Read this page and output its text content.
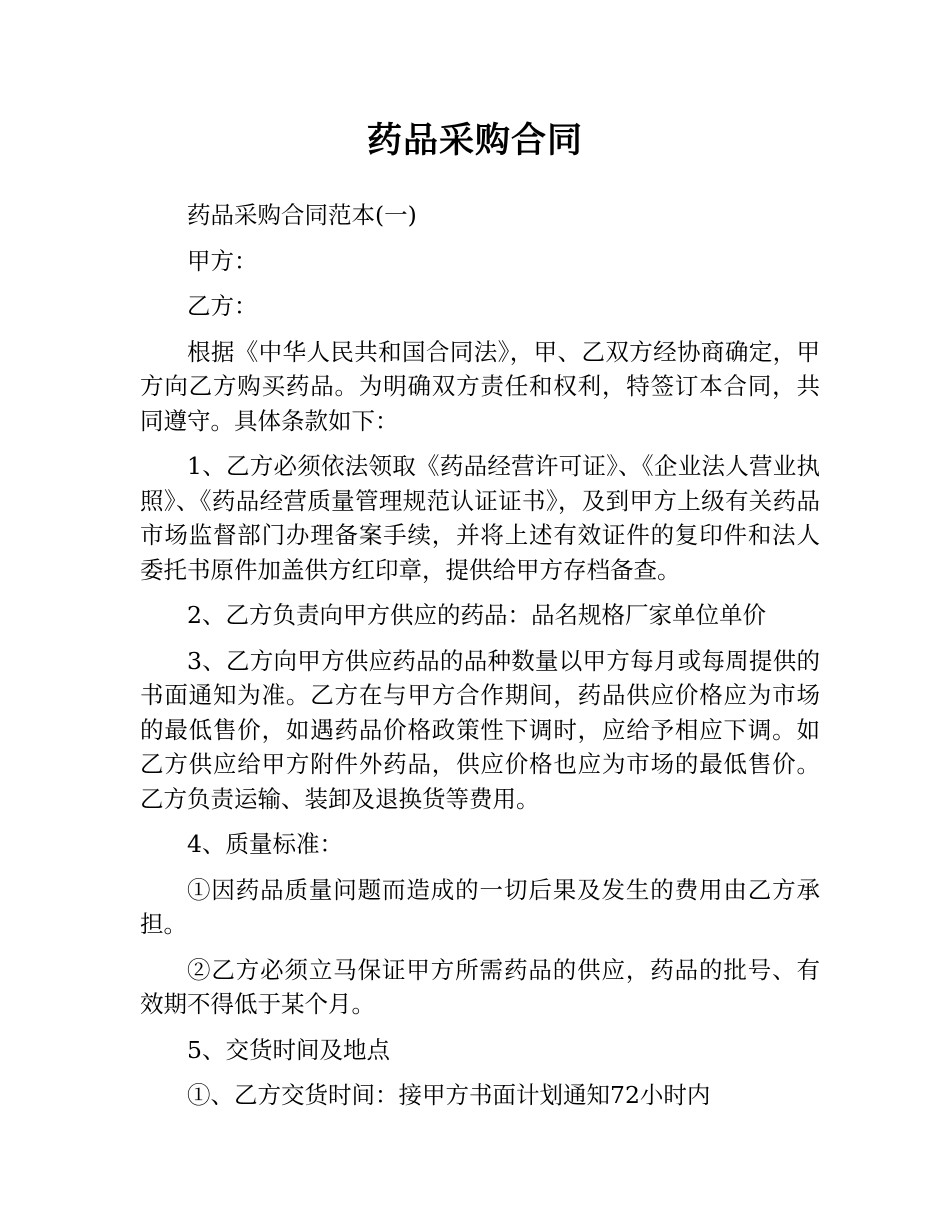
药品采购合同

药品采购合同范本(一)

甲方：

乙方：

根据《中华人民共和国合同法》，甲、乙双方经协商确定，甲方向乙方购买药品。为明确双方责任和权利，特签订本合同，共同遵守。具体条款如下：

1、乙方必须依法领取《药品经营许可证》、《企业法人营业执照》、《药品经营质量管理规范认证证书》，及到甲方上级有关药品市场监督部门办理备案手续，并将上述有效证件的复印件和法人委托书原件加盖供方红印章，提供给甲方存档备查。

2、乙方负责向甲方供应的药品：品名规格厂家单位单价

3、乙方向甲方供应药品的品种数量以甲方每月或每周提供的书面通知为准。乙方在与甲方合作期间，药品供应价格应为市场的最低售价，如遇药品价格政策性下调时，应给予相应下调。如乙方供应给甲方附件外药品，供应价格也应为市场的最低售价。乙方负责运输、装卸及退换货等费用。

4、质量标准：

①因药品质量问题而造成的一切后果及发生的费用由乙方承担。

②乙方必须立马保证甲方所需药品的供应，药品的批号、有效期不得低于某个月。

5、交货时间及地点

①、乙方交货时间：接甲方书面计划通知72小时内
